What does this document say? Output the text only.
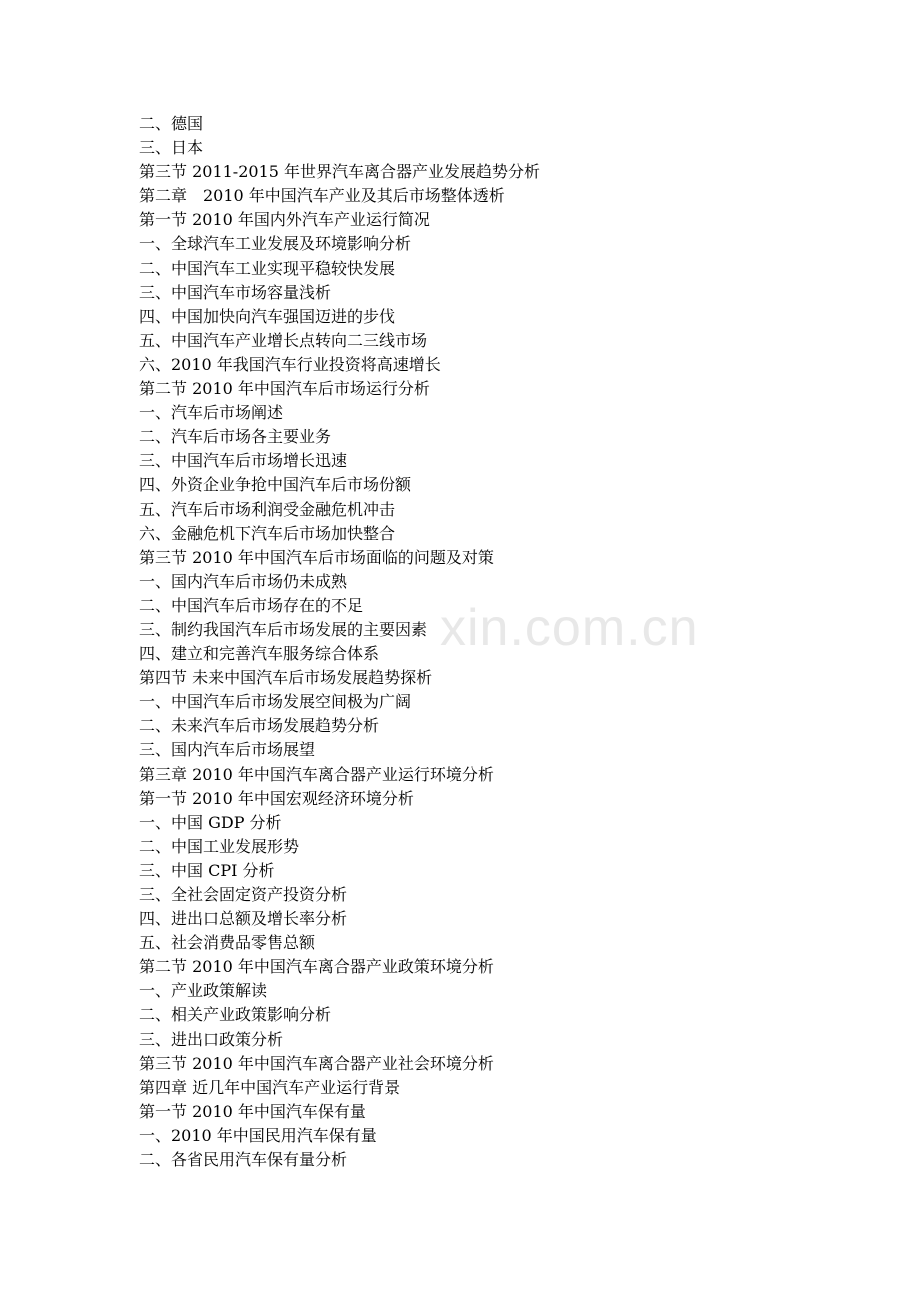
xin.com.cn
二、德国
三、日本
第三节 2011-2015 年世界汽车离合器产业发展趋势分析
第二章　2010 年中国汽车产业及其后市场整体透析
第一节 2010 年国内外汽车产业运行简况
一、全球汽车工业发展及环境影响分析
二、中国汽车工业实现平稳较快发展
三、中国汽车市场容量浅析
四、中国加快向汽车强国迈进的步伐
五、中国汽车产业增长点转向二三线市场
六、2010 年我国汽车行业投资将高速增长
第二节 2010 年中国汽车后市场运行分析
一、汽车后市场阐述
二、汽车后市场各主要业务
三、中国汽车后市场增长迅速
四、外资企业争抢中国汽车后市场份额
五、汽车后市场利润受金融危机冲击
六、金融危机下汽车后市场加快整合
第三节 2010 年中国汽车后市场面临的问题及对策
一、国内汽车后市场仍未成熟
二、中国汽车后市场存在的不足
三、制约我国汽车后市场发展的主要因素
四、建立和完善汽车服务综合体系
第四节 未来中国汽车后市场发展趋势探析
一、中国汽车后市场发展空间极为广阔
二、未来汽车后市场发展趋势分析
三、国内汽车后市场展望
第三章 2010 年中国汽车离合器产业运行环境分析
第一节 2010 年中国宏观经济环境分析
一、中国 GDP 分析
二、中国工业发展形势
三、中国 CPI 分析
三、全社会固定资产投资分析
四、进出口总额及增长率分析
五、社会消费品零售总额
第二节 2010 年中国汽车离合器产业政策环境分析
一、产业政策解读
二、相关产业政策影响分析
三、进出口政策分析
第三节 2010 年中国汽车离合器产业社会环境分析
第四章 近几年中国汽车产业运行背景
第一节 2010 年中国汽车保有量
一、2010 年中国民用汽车保有量
二、各省民用汽车保有量分析
